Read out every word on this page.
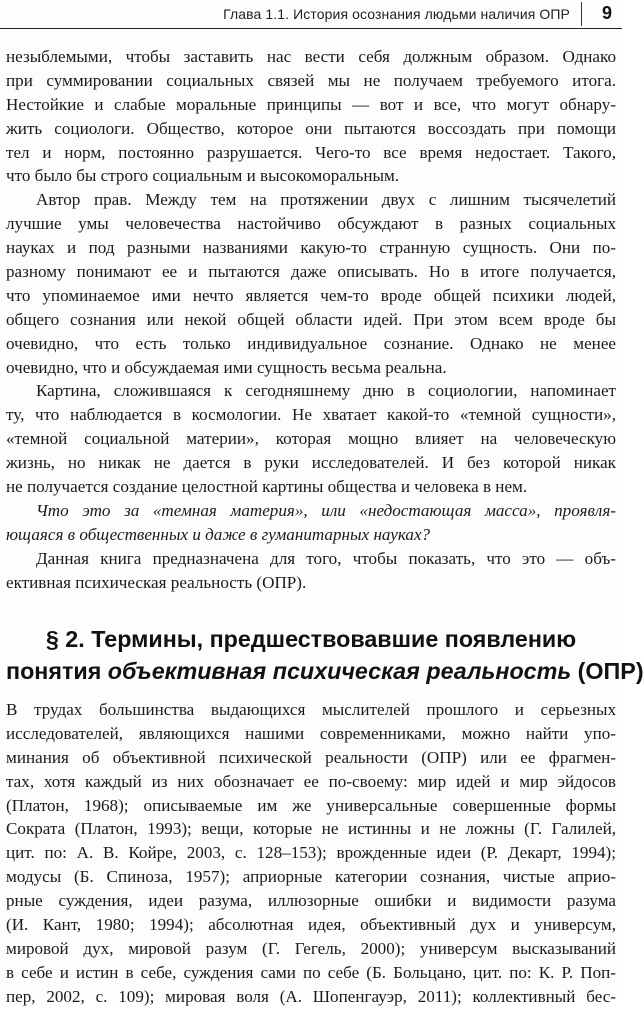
Глава 1.1. История осознания людьми наличия ОПР 9
незыблемыми, чтобы заставить нас вести себя должным образом. Однако
при суммировании социальных связей мы не получаем требуемого итога.
Нестойкие и слабые моральные принципы — вот и все, что могут обнару-
жить социологи. Общество, которое они пытаются воссоздать при помощи
тел и норм, постоянно разрушается. Чего-то все время недостает. Такого,
что было бы строго социальным и высокоморальным.
Автор прав. Между тем на протяжении двух с лишним тысячелетий
лучшие умы человечества настойчиво обсуждают в разных социальных
науках и под разными названиями какую-то странную сущность. Они по-
разному понимают ее и пытаются даже описывать. Но в итоге получается,
что упоминаемое ими нечто является чем-то вроде общей психики людей,
общего сознания или некой общей области идей. При этом всем вроде бы
очевидно, что есть только индивидуальное сознание. Однако не менее
очевидно, что и обсуждаемая ими сущность весьма реальна.
Картина, сложившаяся к сегодняшнему дню в социологии, напоминает
ту, что наблюдается в космологии. Не хватает какой-то «темной сущности»,
«темной социальной материи», которая мощно влияет на человеческую
жизнь, но никак не дается в руки исследователей. И без которой никак
не получается создание целостной картины общества и человека в нем.
Что это за «темная материя», или «недостающая масса», проявля-
ющаяся в общественных и даже в гуманитарных науках?
Данная книга предназначена для того, чтобы показать, что это — объ-
ективная психическая реальность (ОПР).
§ 2. Термины, предшествовавшие появлению
понятия объективная психическая реальность (ОПР)
В трудах большинства выдающихся мыслителей прошлого и серьезных
исследователей, являющихся нашими современниками, можно найти упо-
минания об объективной психической реальности (ОПР) или ее фрагмен-
тах, хотя каждый из них обозначает ее по-своему: мир идей и мир эйдосов
(Платон, 1968); описываемые им же универсальные совершенные формы
Сократа (Платон, 1993); вещи, которые не истинны и не ложны (Г. Галилей,
цит. по: А. В. Койре, 2003, с. 128–153); врожденные идеи (Р. Декарт, 1994);
модусы (Б. Спиноза, 1957); априорные категории сознания, чистые априо-
рные суждения, идеи разума, иллюзорные ошибки и видимости разума
(И. Кант, 1980; 1994); абсолютная идея, объективный дух и универсум,
мировой дух, мировой разум (Г. Гегель, 2000); универсум высказываний
в себе и истин в себе, суждения сами по себе (Б. Больцано, цит. по: К. Р. Поп-
пер, 2002, с. 109); мировая воля (А. Шопенгауэр, 2011); коллективный бес-
